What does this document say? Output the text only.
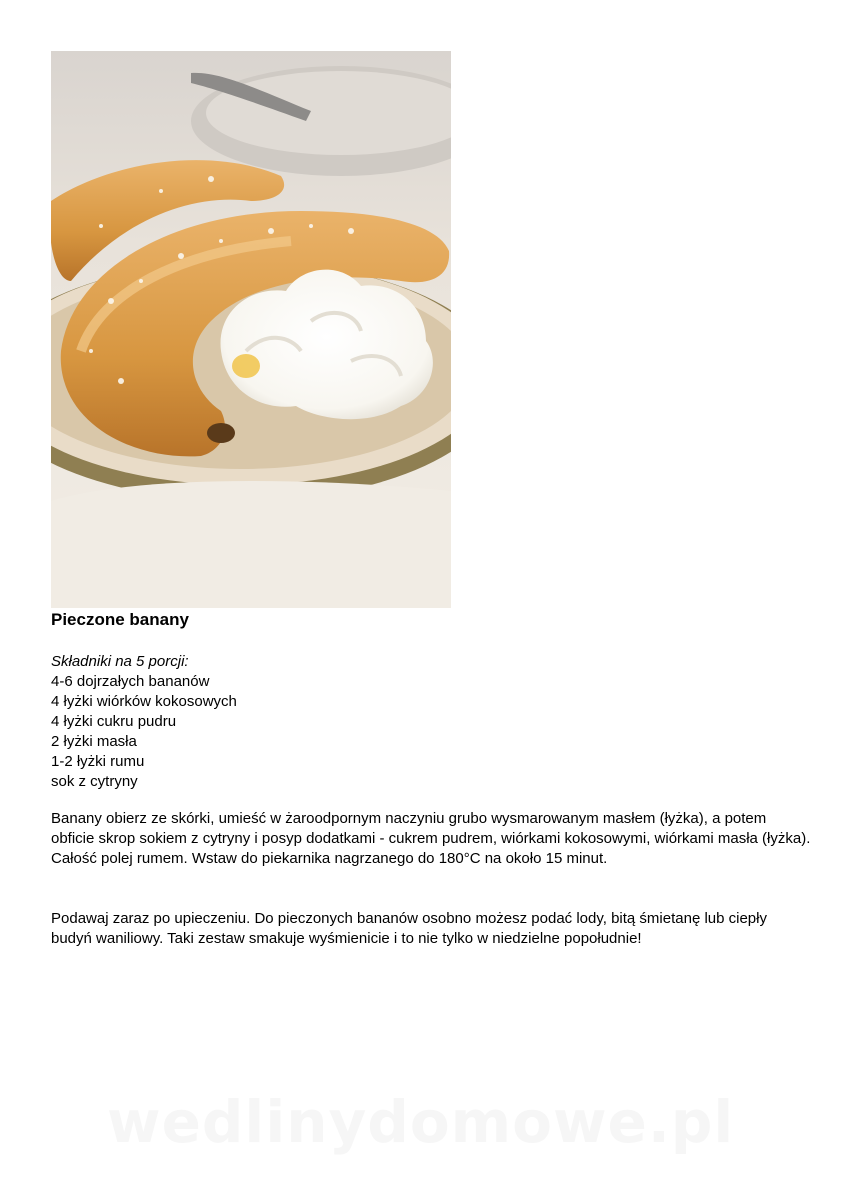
Pieczone banany
Składniki na 5 porcji:
4-6 dojrzałych bananów
4 łyżki wiórków kokosowych
4 łyżki cukru pudru
2 łyżki masła
1-2 łyżki rumu
sok z cytryny

Banany obierz ze skórki, umieść w żaroodpornym naczyniu grubo wysmarowanym masłem (łyżka), a potem obficie skrop sokiem z cytryny i posyp dodatkami - cukrem pudrem, wiórkami kokosowymi, wiórkami masła (łyżka). Całość polej rumem. Wstaw do piekarnika nagrzanego do 180°C na około 15 minut.

Podawaj zaraz po upieczeniu. Do pieczonych bananów osobno możesz podać lody, bitą śmietanę lub ciepły budyń waniliowy. Taki zestaw smakuje wyśmienicie i to nie tylko w niedzielne popołudnie!

wedlinydomowe.pl
